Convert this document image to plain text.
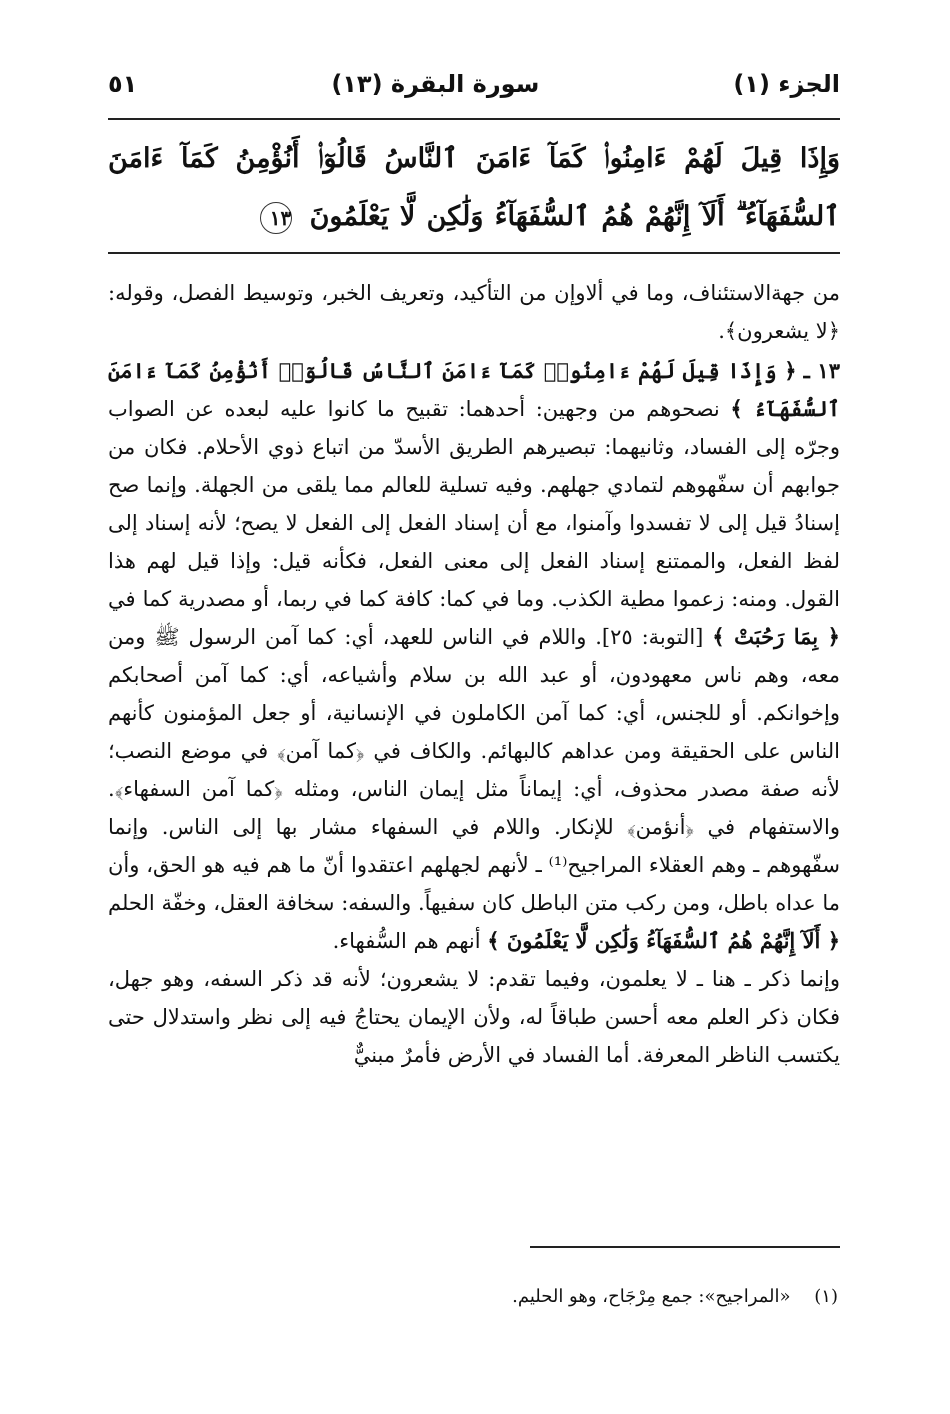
الجزء (١)
سورة البقرة (١٣)
٥١
وَإِذَا قِيلَ لَهُمْ ءَامِنُوا۟ كَمَآ ءَامَنَ ٱلنَّاسُ قَالُوٓا۟ أَنُؤْمِنُ كَمَآ ءَامَنَ ٱلسُّفَهَآءُ ۗ أَلَآ إِنَّهُمْ هُمُ ٱلسُّفَهَآءُ وَلَٰكِن لَّا يَعْلَمُونَ ١٣

من جهةالاستئناف، وما في ألاوإن من التأكيد، وتعريف الخبر، وتوسيط الفصل، وقوله: ﴿لا يشعرون﴾.

١٣ ـ ﴿ وَإِذَا قِيلَ لَهُمْ ءَامِنُوا۟ كَمَآ ءَامَنَ ٱلنَّاسُ قَالُوٓا۟ أَنُؤْمِنُ كَمَآ ءَامَنَ ٱلسُّفَهَآءُ ﴾ نصحوهم من وجهين: أحدهما: تقبيح ما كانوا عليه لبعده عن الصواب وجرّه إلى الفساد، وثانيهما: تبصيرهم الطريق الأسدّ من اتباع ذوي الأحلام. فكان من جوابهم أن سفّهوهم لتمادي جهلهم. وفيه تسلية للعالم مما يلقى من الجهلة. وإنما صح إسنادُ قيل إلى لا تفسدوا وآمنوا، مع أن إسناد الفعل إلى الفعل لا يصح؛ لأنه إسناد إلى لفظ الفعل، والممتنع إسناد الفعل إلى معنى الفعل، فكأنه قيل: وإذا قيل لهم هذا القول. ومنه: زعموا مطية الكذب. وما في كما: كافة كما في ربما، أو مصدرية كما في ﴿ بِمَا رَحُبَتْ ﴾ [التوبة: ٢٥]. واللام في الناس للعهد، أي: كما آمن الرسول ﷺ ومن معه، وهم ناس معهودون، أو عبد الله بن سلام وأشياعه، أي: كما آمن أصحابكم وإخوانكم. أو للجنس، أي: كما آمن الكاملون في الإنسانية، أو جعل المؤمنون كأنهم الناس على الحقيقة ومن عداهم كالبهائم. والكاف في ﴿كما آمن﴾ في موضع النصب؛ لأنه صفة مصدر محذوف، أي: إيماناً مثل إيمان الناس، ومثله ﴿كما آمن السفهاء﴾. والاستفهام في ﴿أنؤمن﴾ للإنكار. واللام في السفهاء مشار بها إلى الناس. وإنما سفّهوهم ـ وهم العقلاء المراجيح⁽¹⁾ ـ لأنهم لجهلهم اعتقدوا أنّ ما هم فيه هو الحق، وأن ما عداه باطل، ومن ركب متن الباطل كان سفيهاً. والسفه: سخافة العقل، وخفّة الحلم ﴿ أَلَآ إِنَّهُمْ هُمُ ٱلسُّفَهَآءُ وَلَٰكِن لَّا يَعْلَمُونَ ﴾ أنهم هم السُّفهاء.

وإنما ذكر ـ هنا ـ لا يعلمون، وفيما تقدم: لا يشعرون؛ لأنه قد ذكر السفه، وهو جهل، فكان ذكر العلم معه أحسن طباقاً له، ولأن الإيمان يحتاجُ فيه إلى نظر واستدلال حتى يكتسب الناظر المعرفة. أما الفساد في الأرض فأمرٌ مبنيٌّ

(١) «المراجيح»: جمع مِرْجَاح، وهو الحليم.
